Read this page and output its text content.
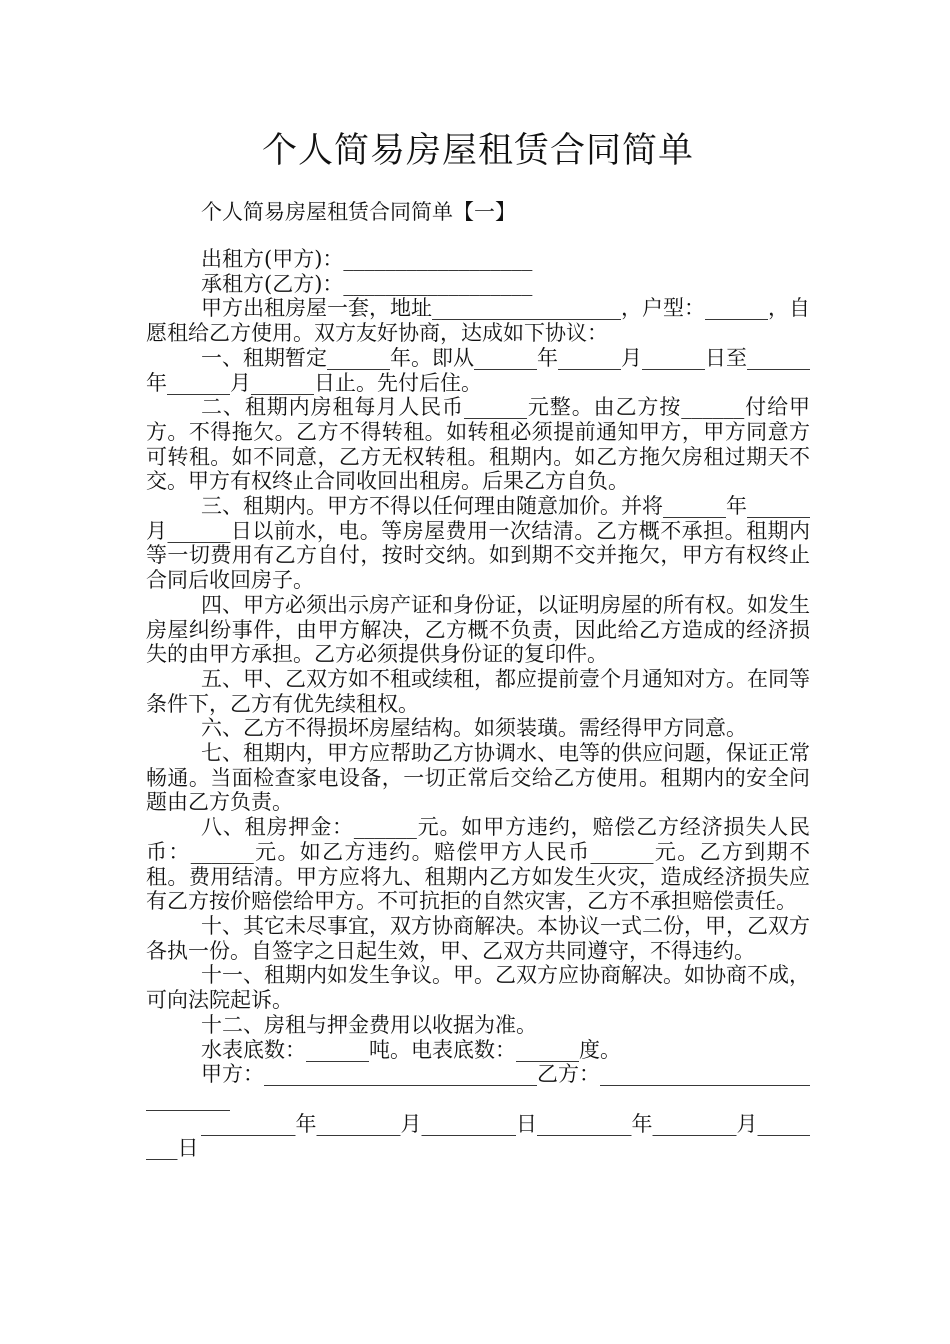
个人简易房屋租赁合同简单
个人简易房屋租赁合同简单【一】

出租方(甲方)：__________________

承租方(乙方)：__________________

甲方出租房屋一套，地址__________________，户型：______，自愿租给乙方使用。双方友好协商，达成如下协议：

一、租期暂定______年。即从______年______月______日至______年______月______日止。先付后住。

二、租期内房租每月人民币______元整。由乙方按______付给甲方。不得拖欠。乙方不得转租。如转租必须提前通知甲方，甲方同意方可转租。如不同意，乙方无权转租。租期内。如乙方拖欠房租过期天不交。甲方有权终止合同收回出租房。后果乙方自负。

三、租期内。甲方不得以任何理由随意加价。并将______年______月______日以前水，电。等房屋费用一次结清。乙方概不承担。租期内等一切费用有乙方自付，按时交纳。如到期不交并拖欠，甲方有权终止合同后收回房子。

四、甲方必须出示房产证和身份证，以证明房屋的所有权。如发生房屋纠纷事件，由甲方解决，乙方概不负责，因此给乙方造成的经济损失的由甲方承担。乙方必须提供身份证的复印件。

五、甲、乙双方如不租或续租，都应提前壹个月通知对方。在同等条件下，乙方有优先续租权。

六、乙方不得损坏房屋结构。如须装璜。需经得甲方同意。

七、租期内，甲方应帮助乙方协调水、电等的供应问题，保证正常畅通。当面检查家电设备，一切正常后交给乙方使用。租期内的安全问题由乙方负责。

八、租房押金：______元。如甲方违约，赔偿乙方经济损失人民币：______元。如乙方违约。赔偿甲方人民币______元。乙方到期不租。费用结清。甲方应将九、租期内乙方如发生火灾，造成经济损失应有乙方按价赔偿给甲方。不可抗拒的自然灾害，乙方不承担赔偿责任。

十、其它未尽事宜，双方协商解决。本协议一式二份，甲，乙双方各执一份。自签字之日起生效，甲、乙双方共同遵守，不得违约。

十一、租期内如发生争议。甲。乙双方应协商解决。如协商不成，可向法院起诉。

十二、房租与押金费用以收据为准。

水表底数：______吨。电表底数：______度。

甲方：__________________________乙方：____________________________

_________年________月_________日_________年________月________日
